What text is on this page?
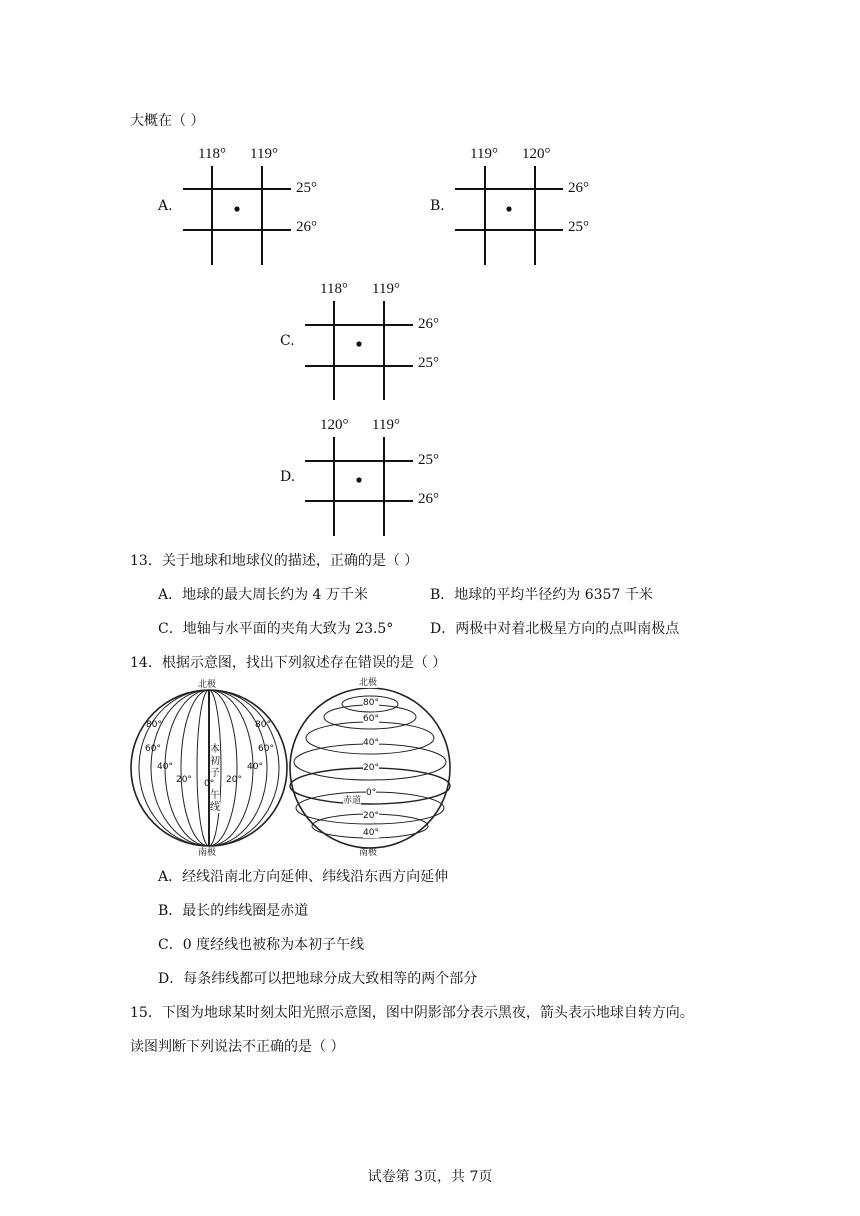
大概在（ ）
A.
118° 119°
25°
26°
B.
119° 120°
26°
25°
C.
118° 119°
26°
25°
D.
120° 119°
25°
26°
13．关于地球和地球仪的描述，正确的是（ ）
A．地球的最大周长约为 4 万千米	B．地球的平均半径约为 6357 千米
C．地轴与水平面的夹角大致为 23.5°	D．两极中对着北极星方向的点叫南极点
14．根据示意图，找出下列叙述存在错误的是（ ）
北极
南极
80°
60°
40°
20°
80°
60°
40°
20°
0°
本
初
子
午
线
北极
南极
80°
60°
40°
20°
0°
赤道
20°
40°
A．经线沿南北方向延伸、纬线沿东西方向延伸
B．最长的纬线圈是赤道
C．0 度经线也被称为本初子午线
D．每条纬线都可以把地球分成大致相等的两个部分
15．下图为地球某时刻太阳光照示意图，图中阴影部分表示黑夜，箭头表示地球自转方向。
读图判断下列说法不正确的是（ ）
试卷第 3页，共 7页
